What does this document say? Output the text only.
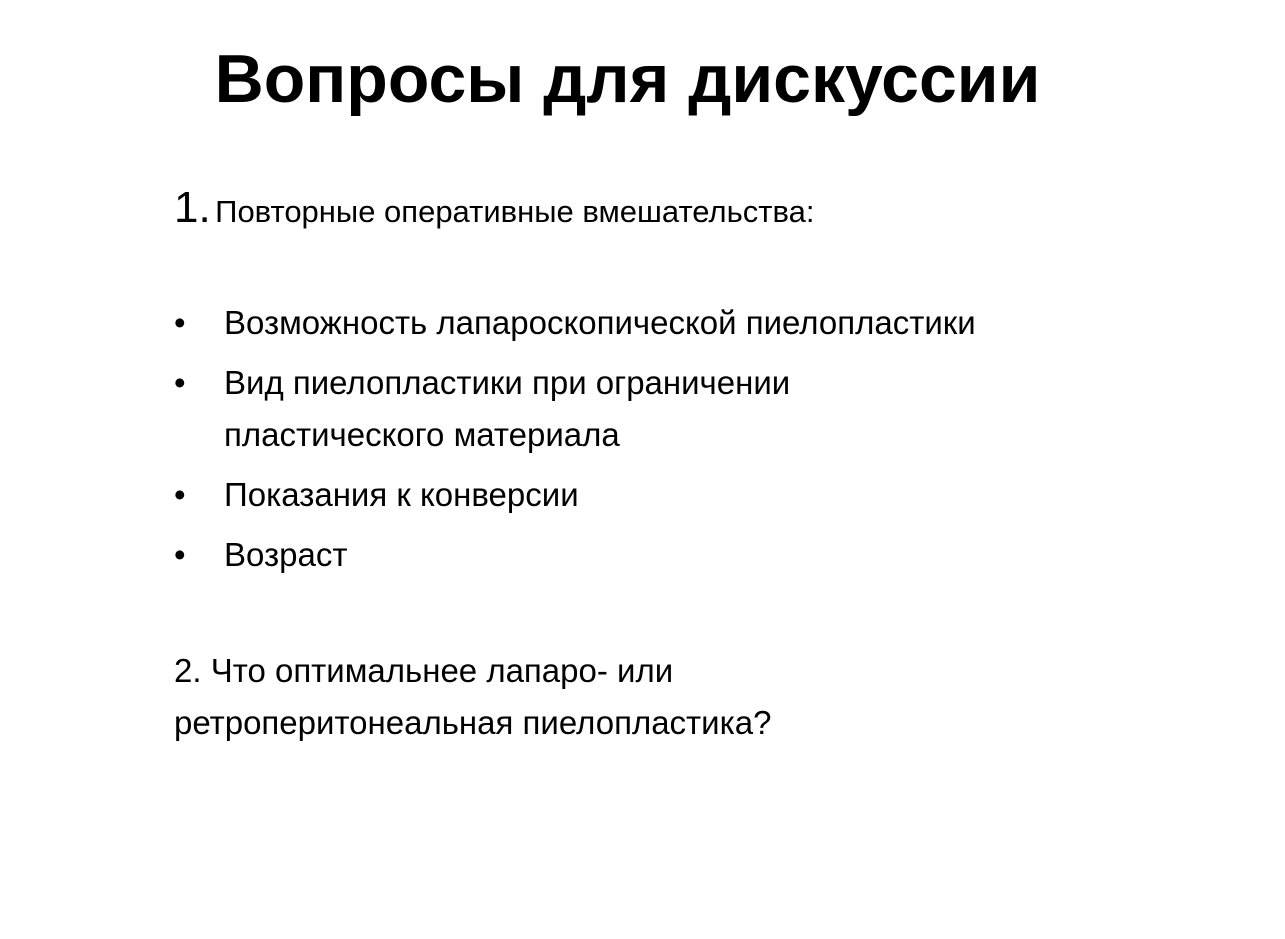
Вопросы для дискуссии

1. Повторные оперативные вмешательства:

• Возможность лапароскопической пиелопластики
• Вид пиелопластики при ограничении пластического материала
• Показания к конверсии
• Возраст

2. Что оптимальнее лапаро- или ретроперитонеальная пиелопластика?
